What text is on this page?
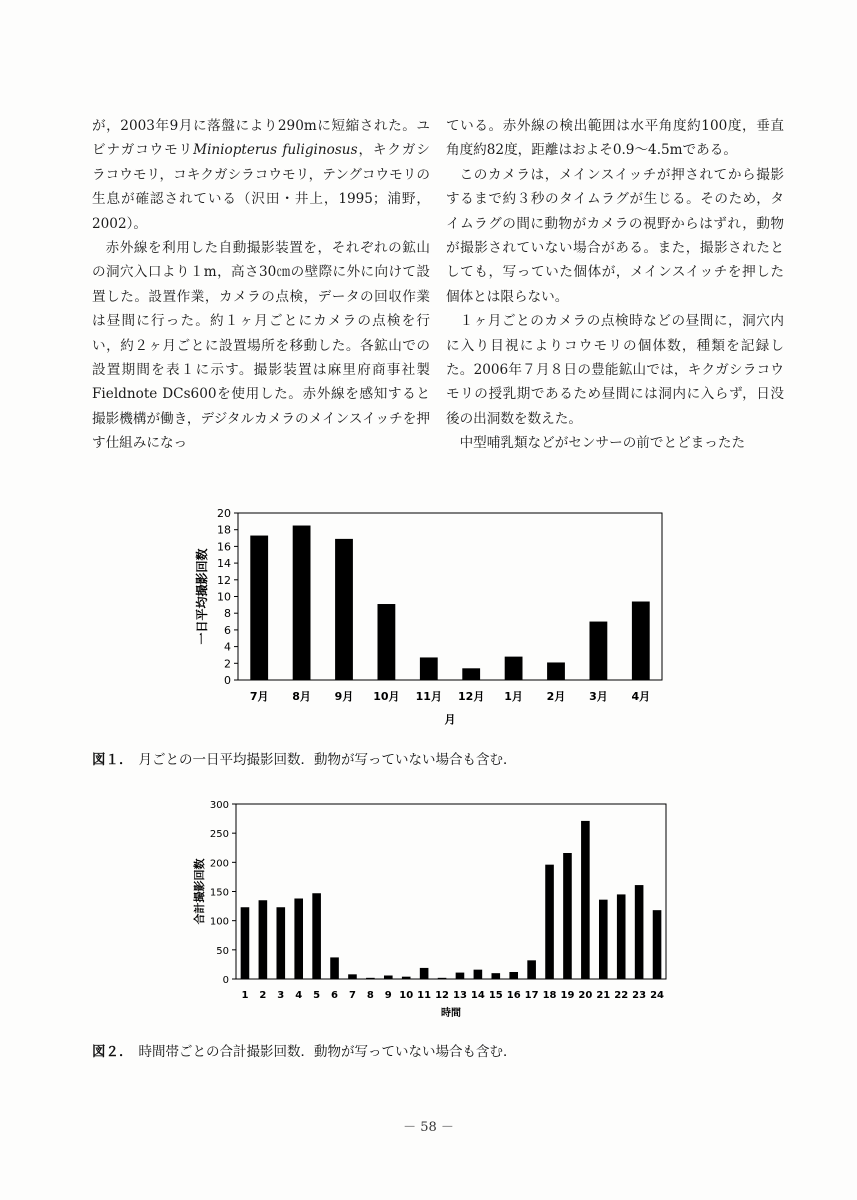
が，2003年9月に落盤により290mに短縮された。ユビナガコウモリMiniopterus fuliginosus，キクガシラコウモリ，コキクガシラコウモリ，テングコウモリの生息が確認されている（沢田・井上，1995；浦野，2002）。

赤外線を利用した自動撮影装置を，それぞれの鉱山の洞穴入口より１m，高さ30㎝の壁際に外に向けて設置した。設置作業，カメラの点検，データの回収作業は昼間に行った。約１ヶ月ごとにカメラの点検を行い，約２ヶ月ごとに設置場所を移動した。各鉱山での設置期間を表１に示す。撮影装置は麻里府商事社製 Fieldnote DCs600を使用した。赤外線を感知すると撮影機構が働き，デジタルカメラのメインスイッチを押す仕組みになっ

ている。赤外線の検出範囲は水平角度約100度，垂直角度約82度，距離はおよそ0.9〜4.5mである。

このカメラは，メインスイッチが押されてから撮影するまで約３秒のタイムラグが生じる。そのため，タイムラグの間に動物がカメラの視野からはずれ，動物が撮影されていない場合がある。また，撮影されたとしても，写っていた個体が，メインスイッチを押した個体とは限らない。

１ヶ月ごとのカメラの点検時などの昼間に，洞穴内に入り目視によりコウモリの個体数，種類を記録した。2006年７月８日の豊能鉱山では，キクガシラコウモリの授乳期であるため昼間には洞内に入らず，日没後の出洞数を数えた。

中型哺乳類などがセンサーの前でとどまったた

0
2
4
6
8
10
12
14
16
18
20
7月 8月 9月 10月 11月 12月 1月 2月 3月 4月
月
一日平均撮影回数
0
50
100
150
200
250
300
1 2 3 4 5 6 7 8 9 10 11 12 13 14 15 16 17 18 19 20 21 22 23 24
時間
合計撮影回数
図１． 月ごとの一日平均撮影回数．動物が写っていない場合も含む．
図２． 時間帯ごとの合計撮影回数．動物が写っていない場合も含む．
－ 58 －
